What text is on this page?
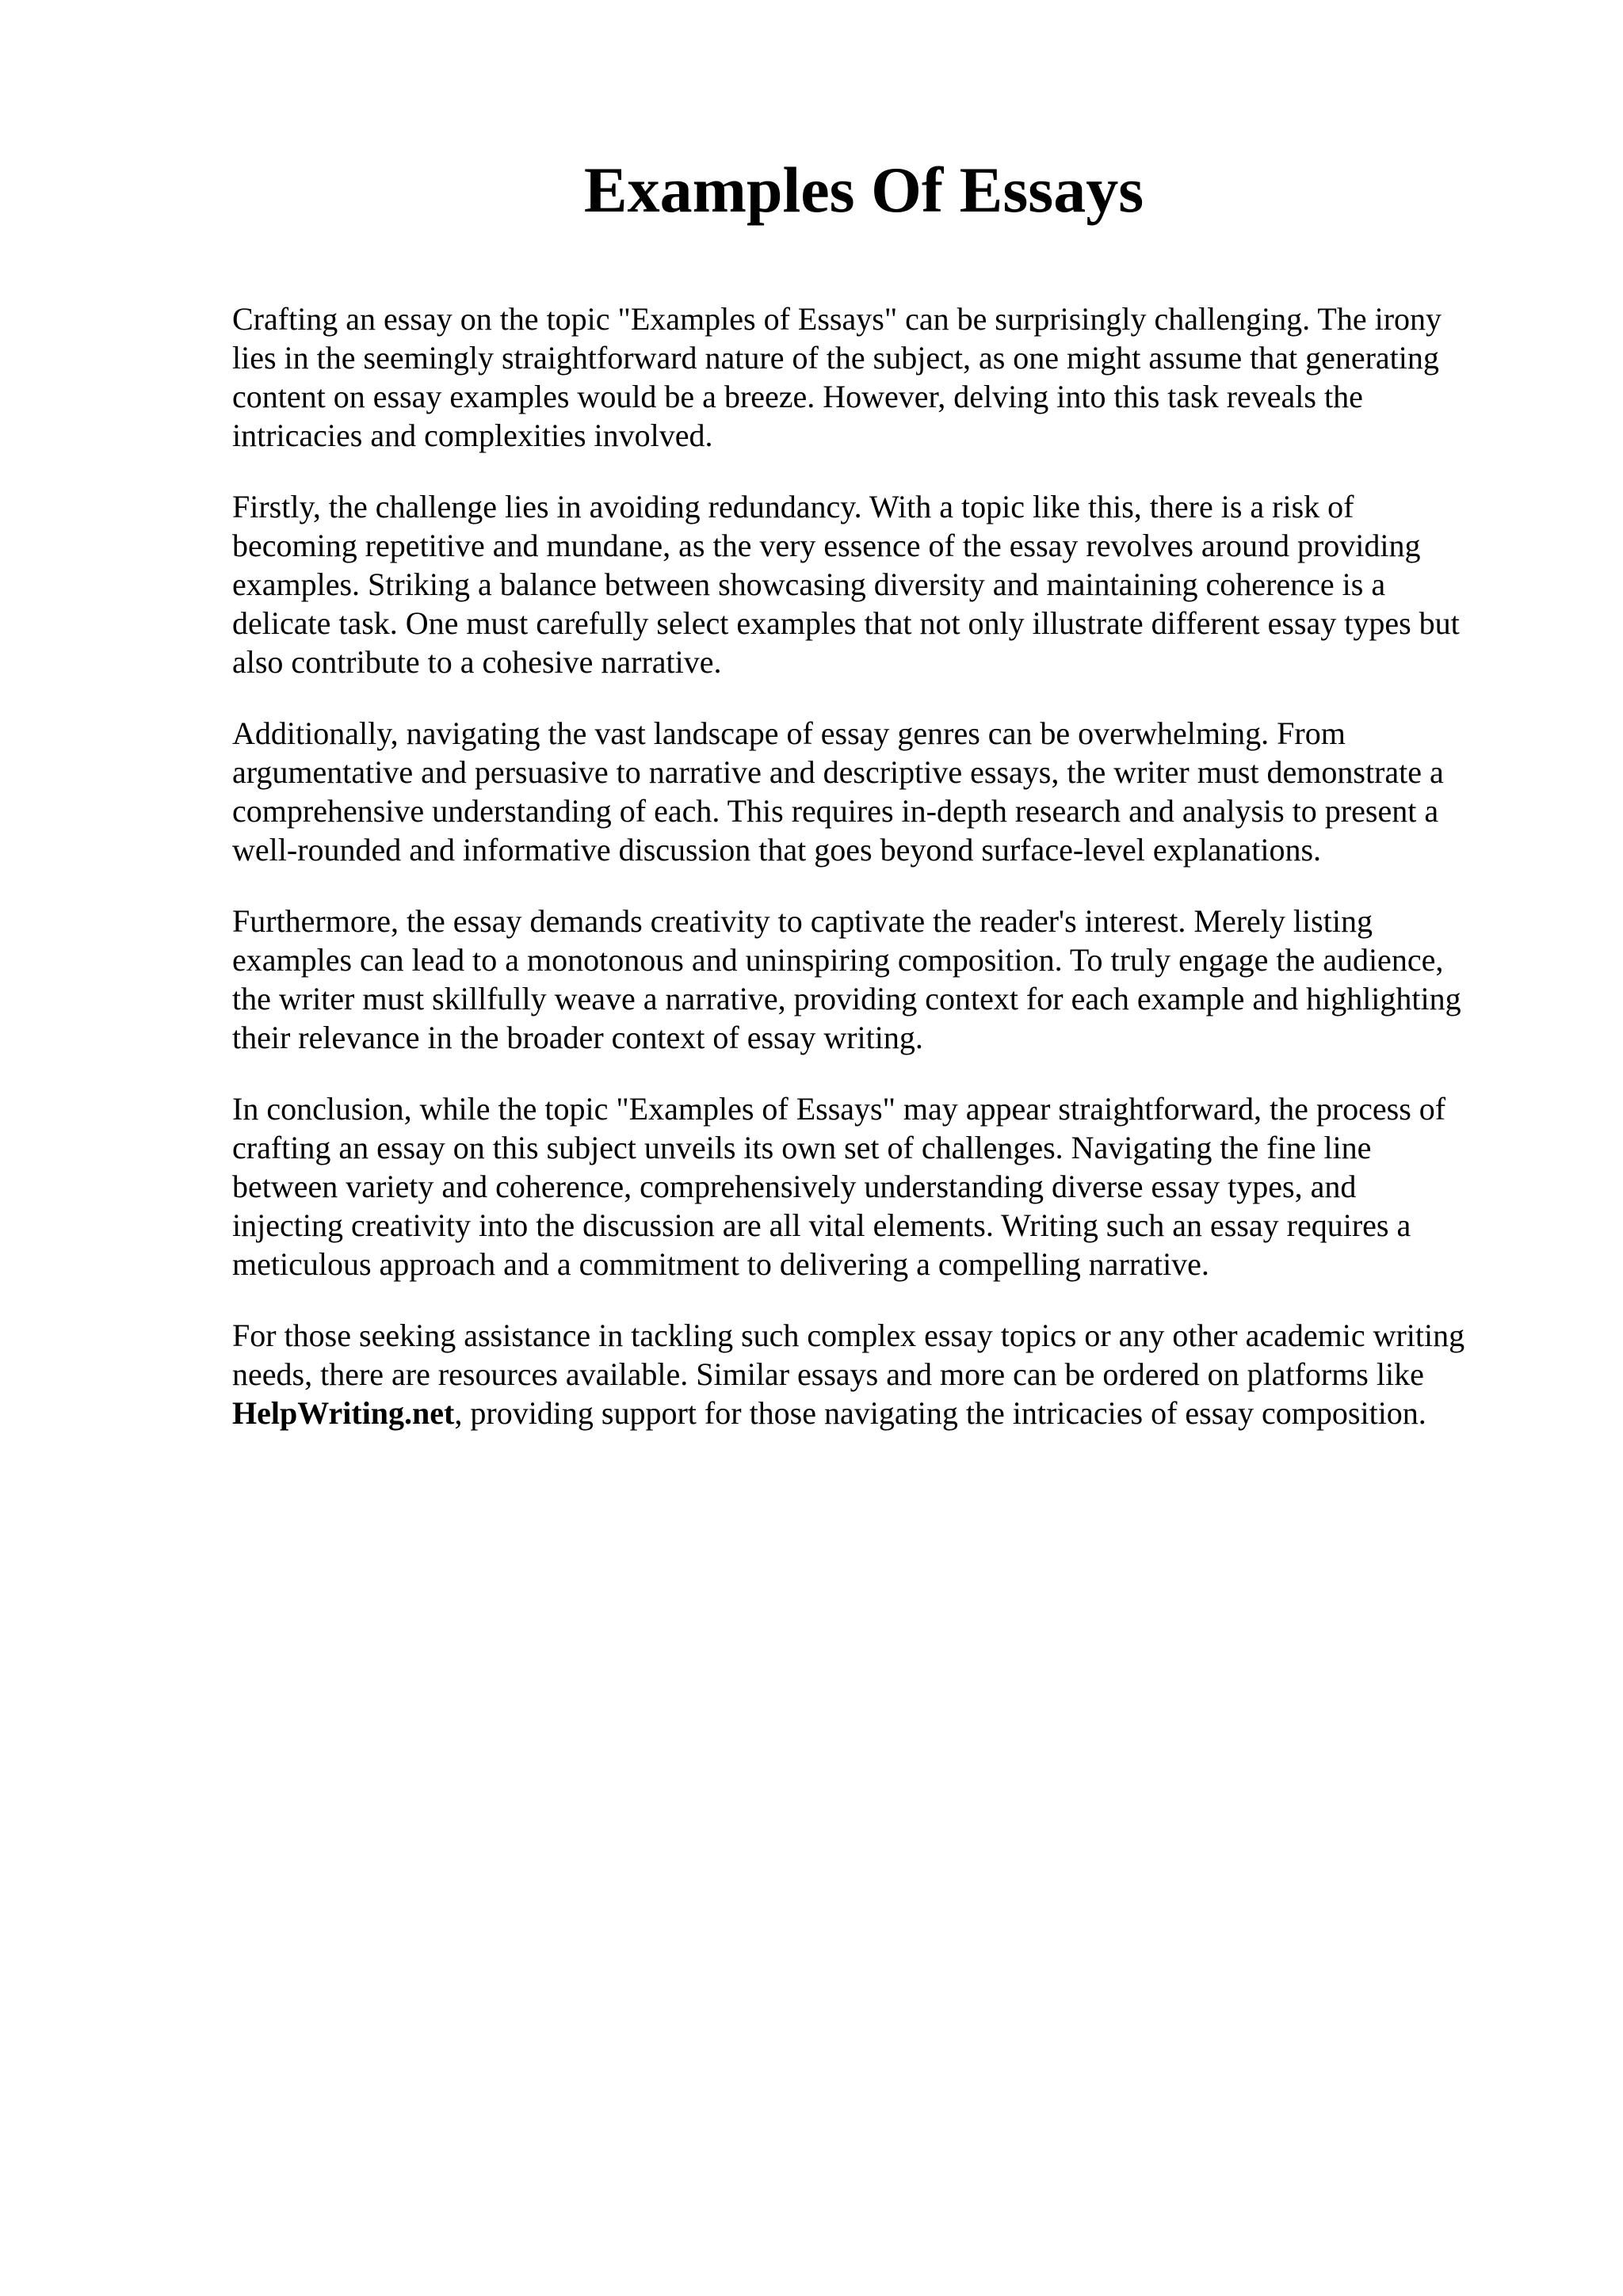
Examples Of Essays

Crafting an essay on the topic "Examples of Essays" can be surprisingly challenging. The irony
lies in the seemingly straightforward nature of the subject, as one might assume that generating
content on essay examples would be a breeze. However, delving into this task reveals the
intricacies and complexities involved.

Firstly, the challenge lies in avoiding redundancy. With a topic like this, there is a risk of
becoming repetitive and mundane, as the very essence of the essay revolves around providing
examples. Striking a balance between showcasing diversity and maintaining coherence is a
delicate task. One must carefully select examples that not only illustrate different essay types but
also contribute to a cohesive narrative.

Additionally, navigating the vast landscape of essay genres can be overwhelming. From
argumentative and persuasive to narrative and descriptive essays, the writer must demonstrate a
comprehensive understanding of each. This requires in-depth research and analysis to present a
well-rounded and informative discussion that goes beyond surface-level explanations.

Furthermore, the essay demands creativity to captivate the reader's interest. Merely listing
examples can lead to a monotonous and uninspiring composition. To truly engage the audience,
the writer must skillfully weave a narrative, providing context for each example and highlighting
their relevance in the broader context of essay writing.

In conclusion, while the topic "Examples of Essays" may appear straightforward, the process of
crafting an essay on this subject unveils its own set of challenges. Navigating the fine line
between variety and coherence, comprehensively understanding diverse essay types, and
injecting creativity into the discussion are all vital elements. Writing such an essay requires a
meticulous approach and a commitment to delivering a compelling narrative.

For those seeking assistance in tackling such complex essay topics or any other academic writing
needs, there are resources available. Similar essays and more can be ordered on platforms like
HelpWriting.net, providing support for those navigating the intricacies of essay composition.
